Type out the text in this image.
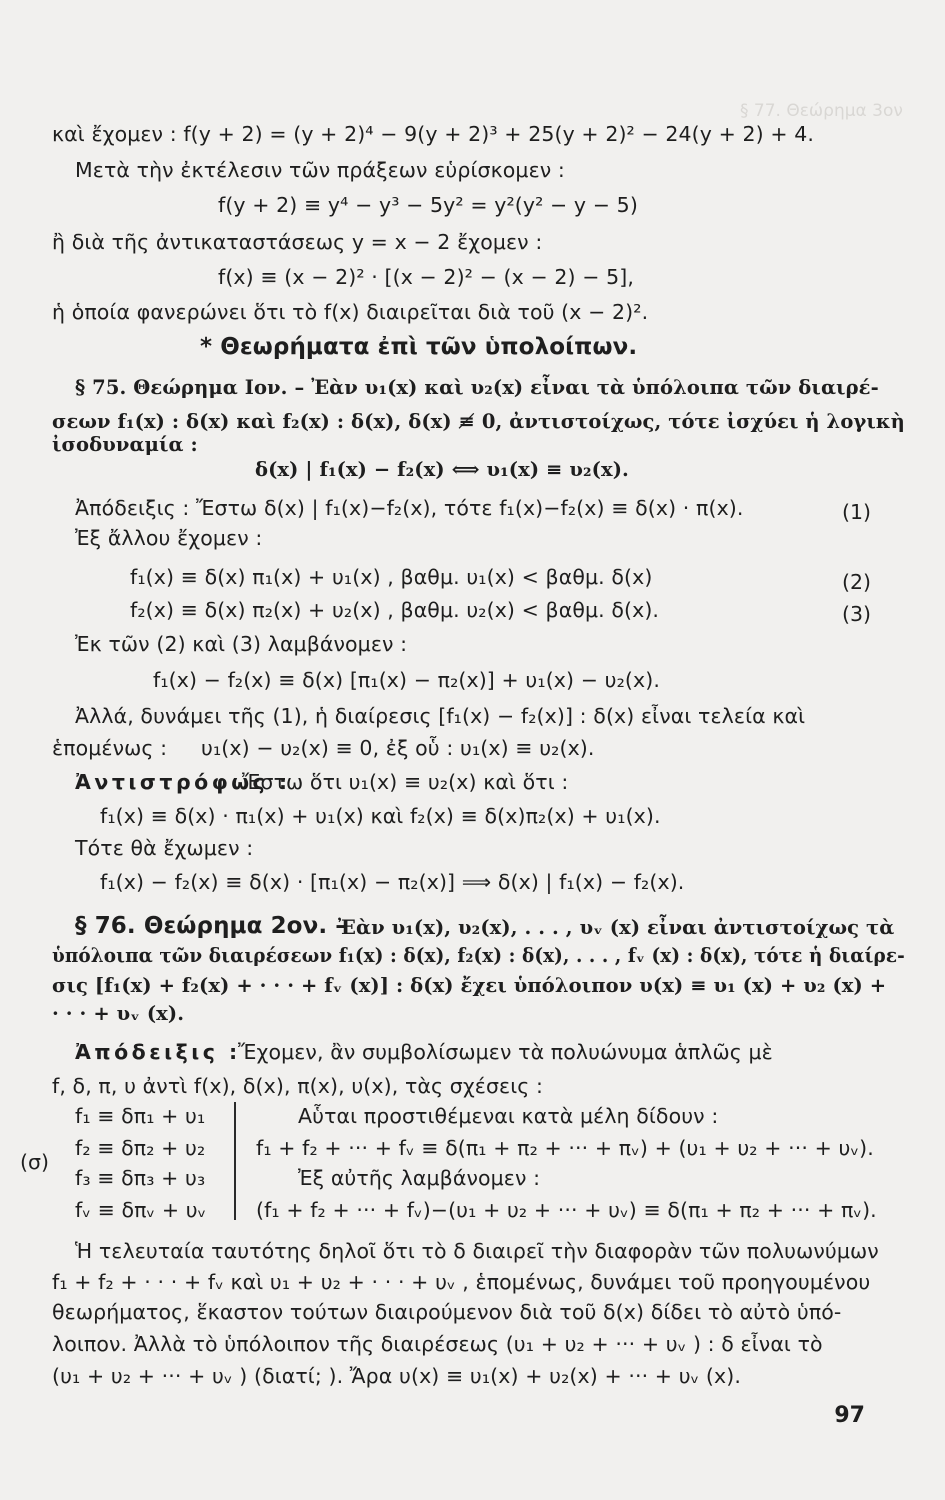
§ 77. Θεώρημα 3ον
καὶ ἔχομεν : f(y + 2) = (y + 2)⁴ − 9(y + 2)³ + 25(y + 2)² − 24(y + 2) + 4.
Μετὰ τὴν ἐκτέλεσιν τῶν πράξεων εὑρίσκομεν :
f(y + 2) ≡ y⁴ − y³ − 5y² = y²(y² − y − 5)
ἢ διὰ τῆς ἀντικαταστάσεως y = x − 2 ἔχομεν :
f(x) ≡ (x − 2)² · [(x − 2)² − (x − 2) − 5],
ἡ ὁποία φανερώνει ὅτι τὸ f(x) διαιρεῖται διὰ τοῦ (x − 2)².
* Θεωρήματα ἐπὶ τῶν ὑπολοίπων.
§ 75. Θεώρημα Ιον. – Ἐὰν υ₁(x) καὶ υ₂(x) εἶναι τὰ ὑπόλοιπα τῶν διαιρέ-
σεων f₁(x) : δ(x) καὶ f₂(x) : δ(x), δ(x) ≢ 0, ἀντιστοίχως, τότε ἰσχύει ἡ λογικὴ
ἰσοδυναμία :
δ(x) | f₁(x) − f₂(x) ⟺ υ₁(x) ≡ υ₂(x).
Ἀπόδειξις : Ἔστω δ(x) | f₁(x)−f₂(x), τότε f₁(x)−f₂(x) ≡ δ(x) · π(x).	(1)
Ἐξ ἄλλου ἔχομεν :
f₁(x) ≡ δ(x) π₁(x) + υ₁(x) , βαθμ. υ₁(x) < βαθμ. δ(x)	(2)
f₂(x) ≡ δ(x) π₂(x) + υ₂(x) , βαθμ. υ₂(x) < βαθμ. δ(x).	(3)
Ἐκ τῶν (2) καὶ (3) λαμβάνομεν :
f₁(x) − f₂(x) ≡ δ(x) [π₁(x) − π₂(x)] + υ₁(x) − υ₂(x).
Ἀλλά, δυνάμει τῆς (1), ἡ διαίρεσις [f₁(x) − f₂(x)] : δ(x) εἶναι τελεία καὶ
ἑπομένως : υ₁(x) − υ₂(x) ≡ 0, ἐξ οὗ : υ₁(x) ≡ υ₂(x).
Ἀντιστρόφως :
Ἔστω ὅτι υ₁(x) ≡ υ₂(x) καὶ ὅτι :
f₁(x) ≡ δ(x) · π₁(x) + υ₁(x) καὶ f₂(x) ≡ δ(x)π₂(x) + υ₁(x).
Τότε θὰ ἔχωμεν :
f₁(x) − f₂(x) ≡ δ(x) · [π₁(x) − π₂(x)] ⟹ δ(x) | f₁(x) − f₂(x).
§ 76. Θεώρημα 2ον. –
Ἐὰν υ₁(x), υ₂(x), . . . , υᵥ (x) εἶναι ἀντιστοίχως τὰ
ὑπόλοιπα τῶν διαιρέσεων f₁(x) : δ(x), f₂(x) : δ(x), . . . , fᵥ (x) : δ(x), τότε ἡ διαίρε-
σις [f₁(x) + f₂(x) + · · · + fᵥ (x)] : δ(x) ἔχει ὑπόλοιπον υ(x) ≡ υ₁ (x) + υ₂ (x) +
· · · + υᵥ (x).
Ἀπόδειξις :
Ἔχομεν, ἂν συμβολίσωμεν τὰ πολυώνυμα ἁπλῶς μὲ
f, δ, π, υ ἀντὶ f(x), δ(x), π(x), υ(x), τὰς σχέσεις :
(σ)
f₁ ≡ δπ₁ + υ₁
f₂ ≡ δπ₂ + υ₂
f₃ ≡ δπ₃ + υ₃
fᵥ ≡ δπᵥ + υᵥ
Αὗται προστιθέμεναι κατὰ μέλη δίδουν :
f₁ + f₂ + ··· + fᵥ ≡ δ(π₁ + π₂ + ··· + πᵥ) + (υ₁ + υ₂ + ··· + υᵥ).
Ἐξ αὐτῆς λαμβάνομεν :
(f₁ + f₂ + ··· + fᵥ)−(υ₁ + υ₂ + ··· + υᵥ) ≡ δ(π₁ + π₂ + ··· + πᵥ).
Ἡ τελευταία ταυτότης δηλοῖ ὅτι τὸ δ διαιρεῖ τὴν διαφορὰν τῶν πολυωνύμων
f₁ + f₂ + · · · + fᵥ καὶ υ₁ + υ₂ + · · · + υᵥ , ἑπομένως, δυνάμει τοῦ προηγουμένου
θεωρήματος, ἕκαστον τούτων διαιρούμενον διὰ τοῦ δ(x) δίδει τὸ αὐτὸ ὑπό-
λοιπον. Ἀλλὰ τὸ ὑπόλοιπον τῆς διαιρέσεως (υ₁ + υ₂ + ··· + υᵥ ) : δ εἶναι τὸ
(υ₁ + υ₂ + ··· + υᵥ ) (διατί; ). Ἄρα υ(x) ≡ υ₁(x) + υ₂(x) + ··· + υᵥ (x).
97
